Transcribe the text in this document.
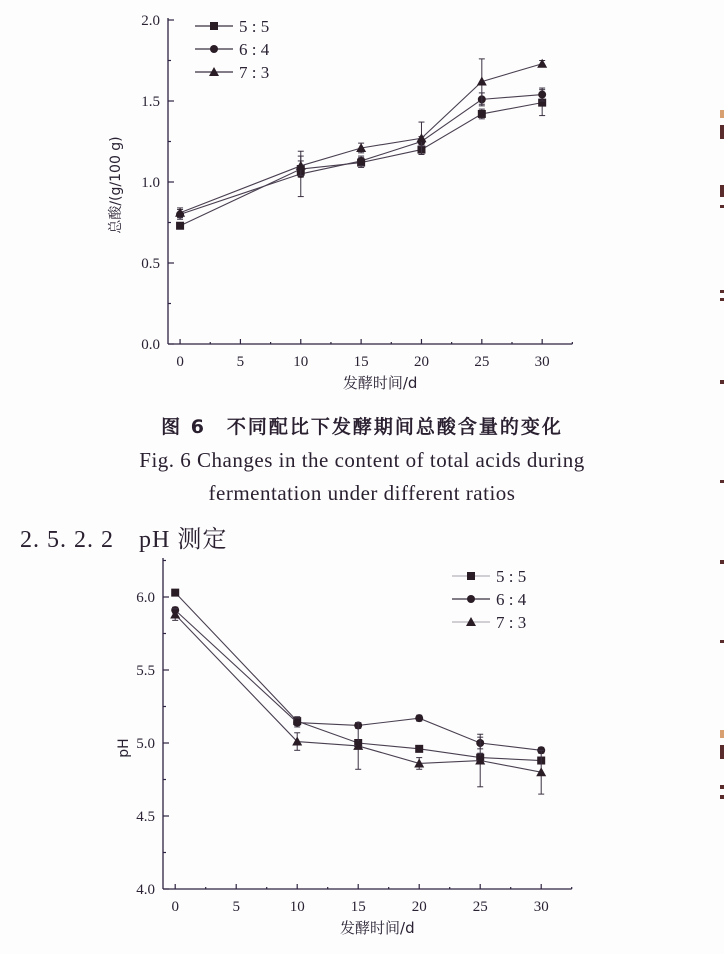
0	5	10	15	20	25	30
0.0
0.5
1.0
1.5
2.0
发酵时间/d
总酸/(g/100 g)
5 : 5
6 : 4
7 : 3
图 6　不同配比下发酵期间总酸含量的变化
Fig. 6 Changes in the content of total acids during
fermentation under different ratios
2. 5. 2. 2　pH 测定
0	5	10	15	20	25	30
4.0
4.5
5.0
5.5
6.0
发酵时间/d
pH
5 : 5
6 : 4
7 : 3
